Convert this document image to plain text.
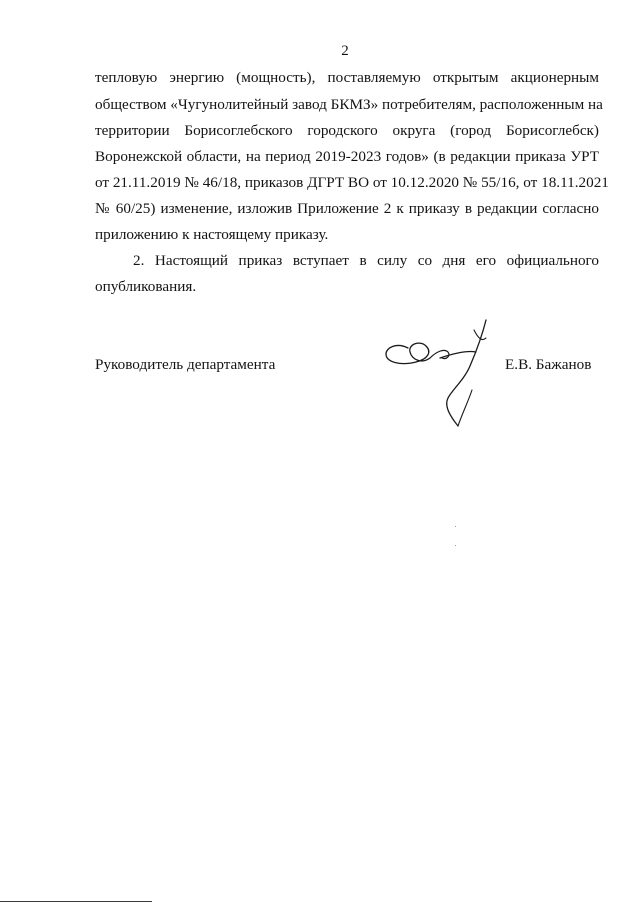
2
тепловую энергию (мощность), поставляемую открытым акционерным
обществом «Чугунолитейный завод БКМЗ» потребителям, расположенным на
территории Борисоглебского городского округа (город Борисоглебск)
Воронежской области, на период 2019-2023 годов» (в редакции приказа УРТ
от 21.11.2019 № 46/18, приказов ДГРТ ВО от 10.12.2020 № 55/16, от 18.11.2021
№ 60/25) изменение, изложив Приложение 2 к приказу в редакции согласно
приложению к настоящему приказу.
2. Настоящий приказ вступает в силу со дня его официального
опубликования.
Руководитель департамента	Е.В. Бажанов
